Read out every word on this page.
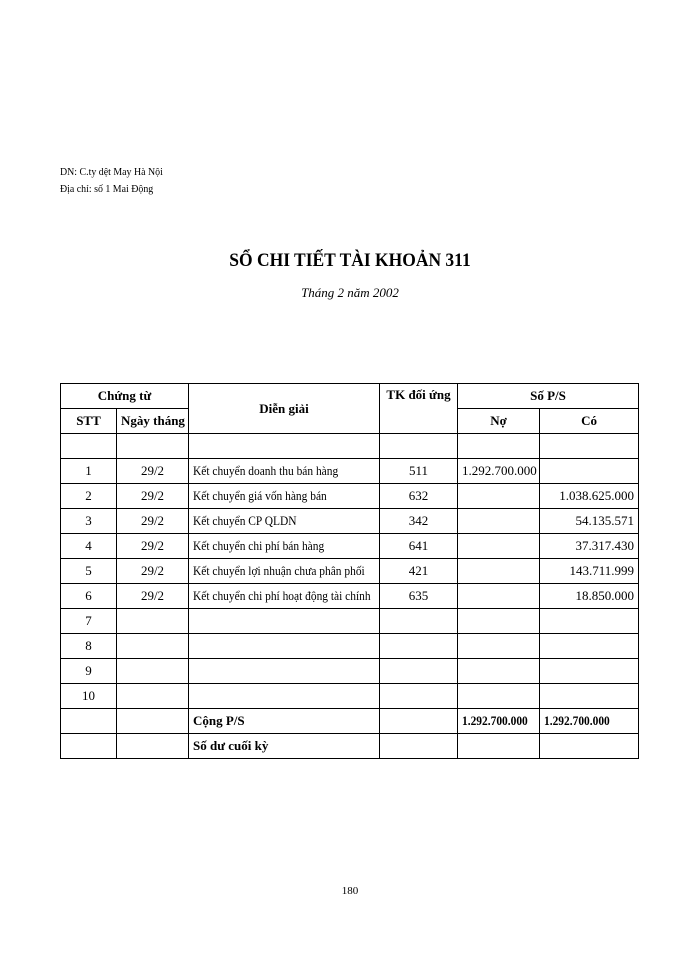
DN: C.ty dệt May Hà Nội
Địa chỉ: số 1 Mai Động
SỔ CHI TIẾT TÀI KHOẢN 311
Tháng 2 năm 2002
Chứng từ		Diễn giải	TK đối ứng	Số P/S	
STT	Ngày tháng			Nợ	Có

1	29/2	Kết chuyển doanh thu bán hàng	511	1.292.700.000	
2	29/2	Kết chuyển giá vốn hàng bán	632		1.038.625.000
3	29/2	Kết chuyển CP QLDN	342		54.135.571
4	29/2	Kết chuyển chi phí bán hàng	641		37.317.430
5	29/2	Kết chuyển lợi nhuận chưa phân phối	421		143.711.999
6	29/2	Kết chuyển chi phí hoạt động tài chính	635		18.850.000
7					
8					
9					
10					
		Cộng P/S		1.292.700.000	1.292.700.000
		Số dư cuối kỳ			
180
